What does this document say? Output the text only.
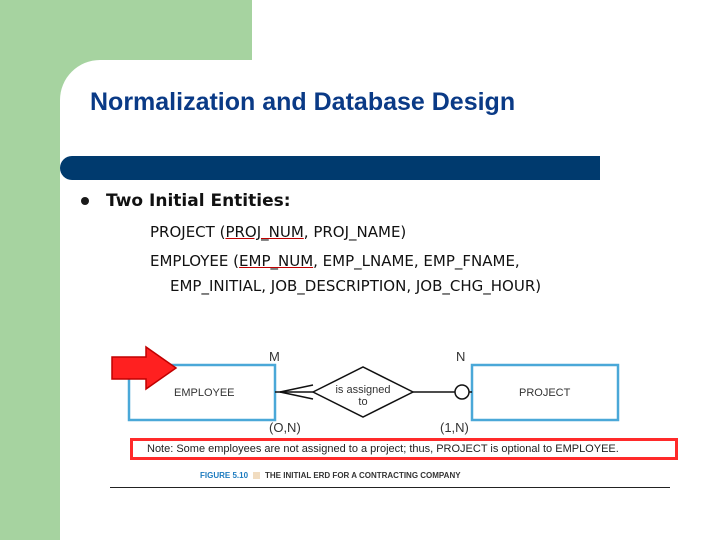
Normalization and Database Design
Two Initial Entities:
PROJECT (PROJ_NUM, PROJ_NAME)
EMPLOYEE (EMP_NUM, EMP_LNAME, EMP_FNAME,
EMP_INITIAL, JOB_DESCRIPTION, JOB_CHG_HOUR)
EMPLOYEE	PROJECT
is assigned
to
M	N
(O,N)	(1,N)
Note: Some employees are not assigned to a project; thus, PROJECT is optional to EMPLOYEE.
FIGURE 5.10 THE INITIAL ERD FOR A CONTRACTING COMPANY
